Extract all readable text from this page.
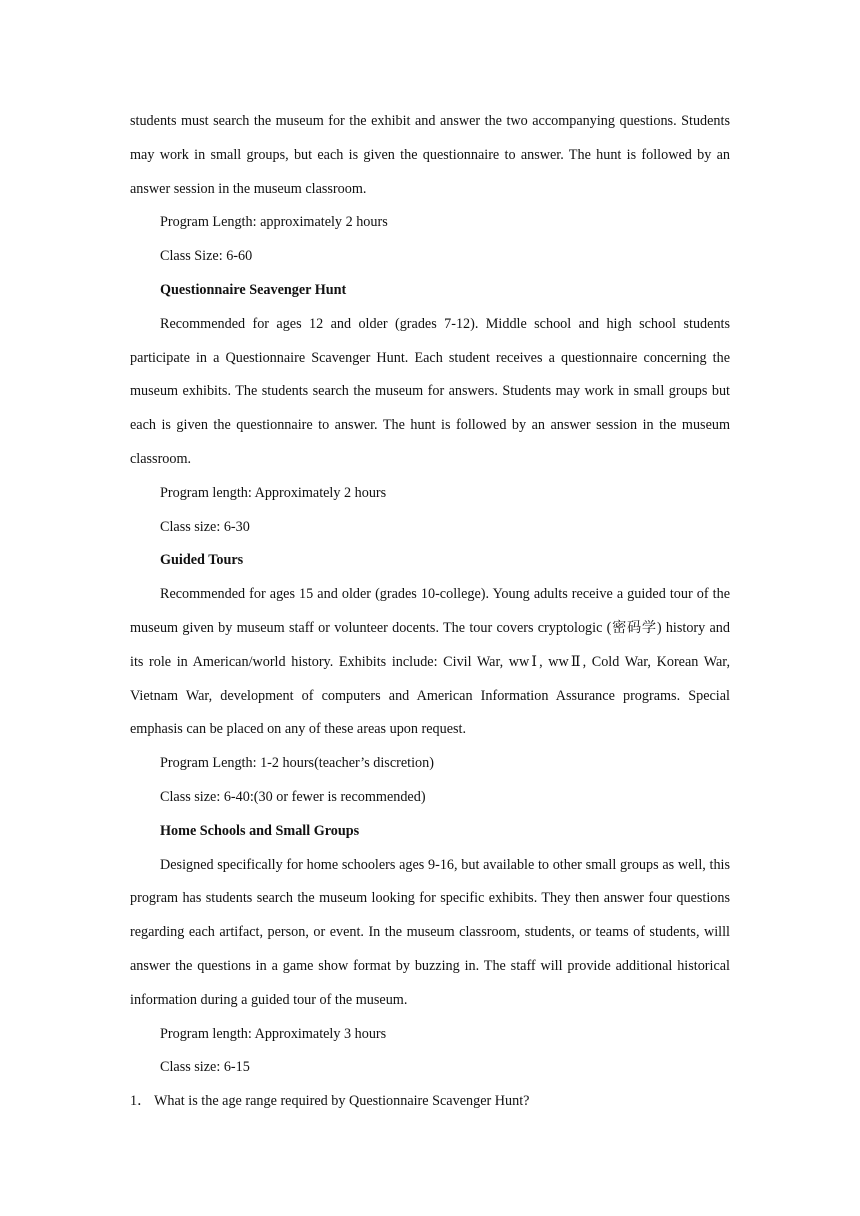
students must search the museum for the exhibit and answer the two accompanying questions. Students may work in small groups, but each is given the questionnaire to answer. The hunt is followed by an answer session in the museum classroom.

Program Length: approximately 2 hours

Class Size: 6-60

Questionnaire Seavenger Hunt

Recommended for ages 12 and older (grades 7-12). Middle school and high school students participate in a Questionnaire Scavenger Hunt. Each student receives a questionnaire concerning the museum exhibits. The students search the museum for answers. Students may work in small groups but each is given the questionnaire to answer. The hunt is followed by an answer session in the museum classroom.

Program length: Approximately 2 hours

Class size: 6-30

Guided Tours

Recommended for ages 15 and older (grades 10-college). Young adults receive a guided tour of the museum given by museum staff or volunteer docents. The tour covers cryptologic (密码学) history and its role in American/world history. Exhibits include: Civil War, wwⅠ, wwⅡ, Cold War, Korean War, Vietnam War, development of computers and American Information Assurance programs. Special emphasis can be placed on any of these areas upon request.

Program Length: 1-2 hours(teacher’s discretion)

Class size: 6-40:(30 or fewer is recommended)

Home Schools and Small Groups

Designed specifically for home schoolers ages 9-16, but available to other small groups as well, this program has students search the museum looking for specific exhibits. They then answer four questions regarding each artifact, person, or event. In the museum classroom, students, or teams of students, willl answer the questions in a game show format by buzzing in. The staff will provide additional historical information during a guided tour of the museum.

Program length: Approximately 3 hours

Class size: 6-15

1． What is the age range required by Questionnaire Scavenger Hunt?
